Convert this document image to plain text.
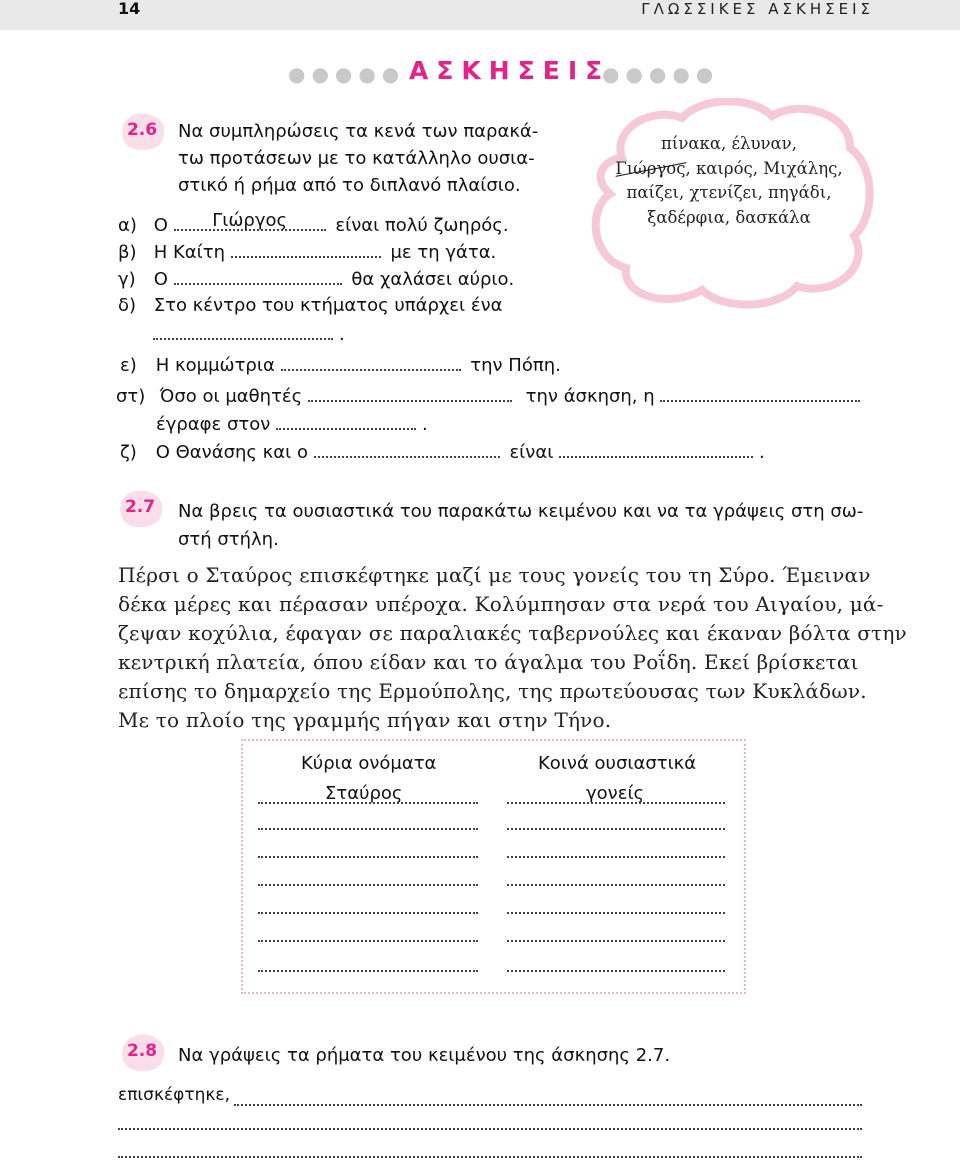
14	ΓΛΩΣΣΙΚΕΣ ΑΣΚΗΣΕΙΣ
●●●●● ΑΣΚΗΣΕΙΣ
●●●●●
2.6	Να συμπληρώσεις τα κενά των παρακά-
τω προτάσεων με το κατάλληλο ουσια-
στικό ή ρήμα από το διπλανό πλαίσιο.
πίνακα, έλυναν,
Γιώργος, καιρός, Μιχάλης,
παίζει, χτενίζει, πηγάδι,
ξαδέρφια, δασκάλα
α) Ο	Γιώργος	είναι πολύ ζωηρός.
β) Η Καίτη	με τη γάτα.
γ) Ο	θα χαλάσει αύριο.
δ) Στο κέντρο του κτήματος υπάρχει ένα
.
ε) Η κομμώτρια	την Πόπη.
στ) Όσο οι μαθητές	την άσκηση, η
έγραφε στον	.
ζ) Ο Θανάσης και ο	είναι	.
2.7	Να βρεις τα ουσιαστικά του παρακάτω κειμένου και να τα γράψεις στη σω-
στή στήλη.
Πέρσι ο Σταύρος επισκέφτηκε μαζί με τους γονείς του τη Σύρο. Έμειναν
δέκα μέρες και πέρασαν υπέροχα. Κολύμπησαν στα νερά του Αιγαίου, μά-
ζεψαν κοχύλια, έφαγαν σε παραλιακές ταβερνούλες και έκαναν βόλτα στην
κεντρική πλατεία, όπου είδαν και το άγαλμα του Ροΐδη. Εκεί βρίσκεται
επίσης το δημαρχείο της Ερμούπολης, της πρωτεύουσας των Κυκλάδων.
Με το πλοίο της γραμμής πήγαν και στην Τήνο.
Κύρια ονόματα	Κοινά ουσιαστικά
Σταύρος	γονείς
2.8	Να γράψεις τα ρήματα του κειμένου της άσκησης 2.7.
επισκέφτηκε,
